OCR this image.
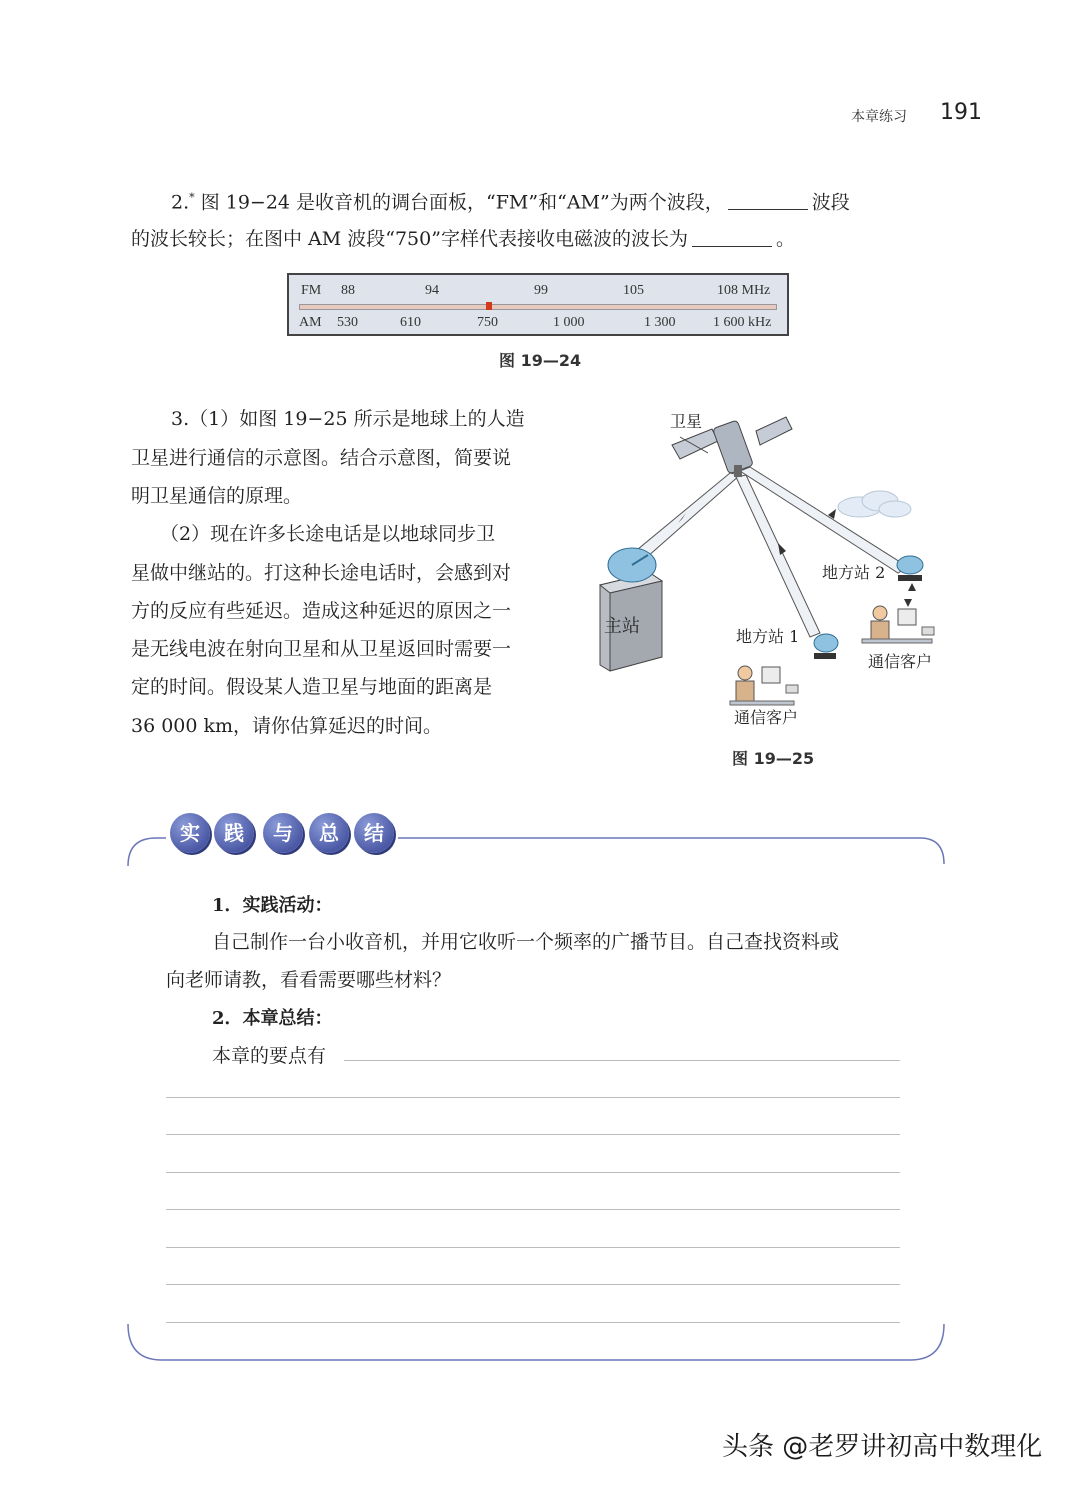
本章练习 191
2.* 图 19−24 是收音机的调台面板，“FM”和“AM”为两个波段，	波段
的波长较长；在图中 AM 波段“750”字样代表接收电磁波的波长为	。
FM 88	94	99	105	108 MHz
AM 530	610	750	1 000	1 300	1 600 kHz
图 19—24
3.（1）如图 19−25 所示是地球上的人造
卫星进行通信的示意图。结合示意图，简要说
明卫星通信的原理。
（2）现在许多长途电话是以地球同步卫
星做中继站的。打这种长途电话时，会感到对
方的反应有些延迟。造成这种延迟的原因之一
是无线电波在射向卫星和从卫星返回时需要一
定的时间。假设某人造卫星与地面的距离是
36 000 km，请你估算延迟的时间。
卫星
主站	地方站 1
通信客户
地方站 2
通信客户
图 19—25
实	践	与	总	结
1．实践活动：
自己制作一台小收音机，并用它收听一个频率的广播节目。自己查找资料或
向老师请教，看看需要哪些材料？
2．本章总结：
本章的要点有
头条 @老罗讲初高中数理化
